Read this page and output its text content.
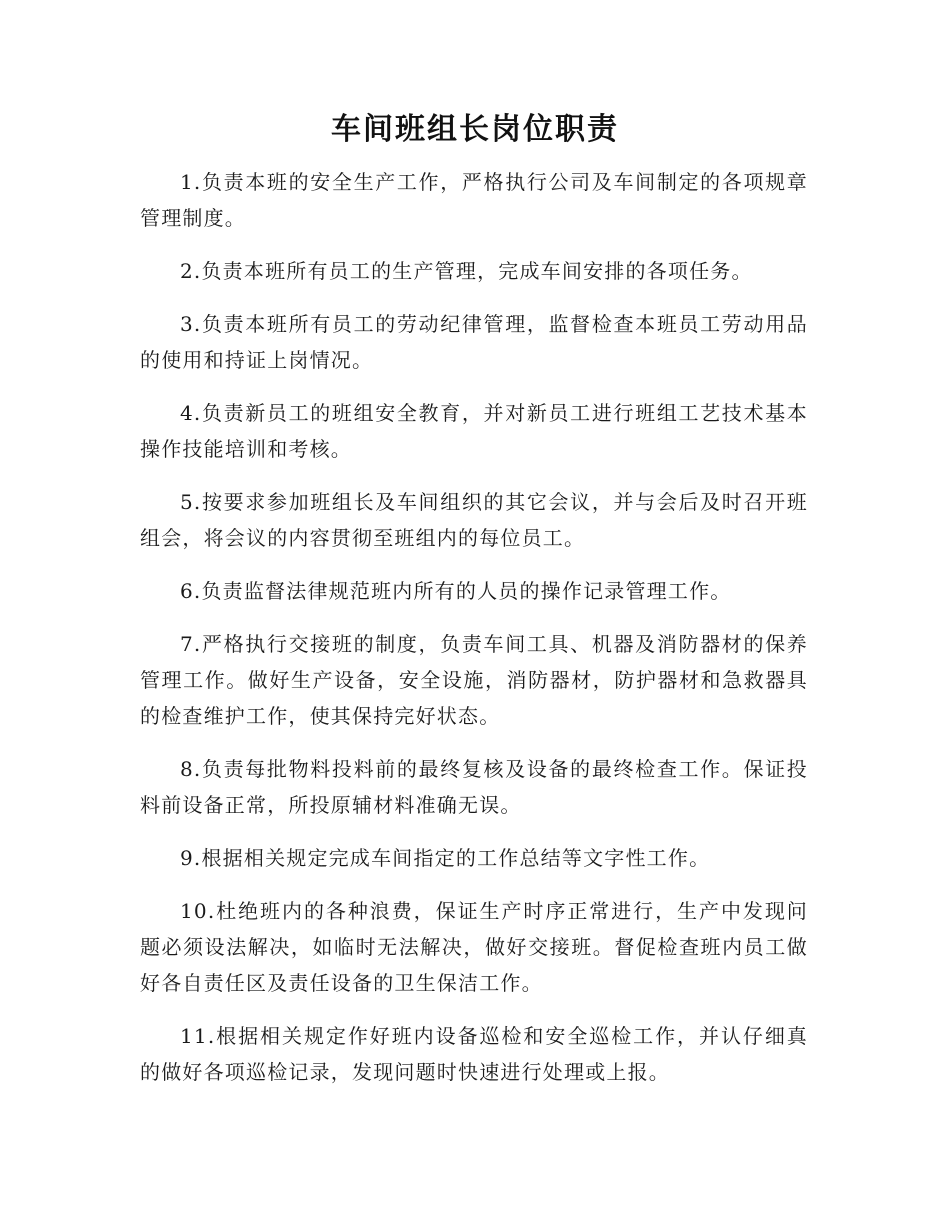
车间班组长岗位职责

1.负责本班的安全生产工作，严格执行公司及车间制定的各项规章管理制度。

2.负责本班所有员工的生产管理，完成车间安排的各项任务。

3.负责本班所有员工的劳动纪律管理，监督检查本班员工劳动用品的使用和持证上岗情况。

4.负责新员工的班组安全教育，并对新员工进行班组工艺技术基本操作技能培训和考核。

5.按要求参加班组长及车间组织的其它会议，并与会后及时召开班组会，将会议的内容贯彻至班组内的每位员工。

6.负责监督法律规范班内所有的人员的操作记录管理工作。

7.严格执行交接班的制度，负责车间工具、机器及消防器材的保养管理工作。做好生产设备，安全设施，消防器材，防护器材和急救器具的检查维护工作，使其保持完好状态。

8.负责每批物料投料前的最终复核及设备的最终检查工作。保证投料前设备正常，所投原辅材料准确无误。

9.根据相关规定完成车间指定的工作总结等文字性工作。

10.杜绝班内的各种浪费，保证生产时序正常进行，生产中发现问题必须设法解决，如临时无法解决，做好交接班。督促检查班内员工做好各自责任区及责任设备的卫生保洁工作。

11.根据相关规定作好班内设备巡检和安全巡检工作，并认仔细真的做好各项巡检记录，发现问题时快速进行处理或上报。
